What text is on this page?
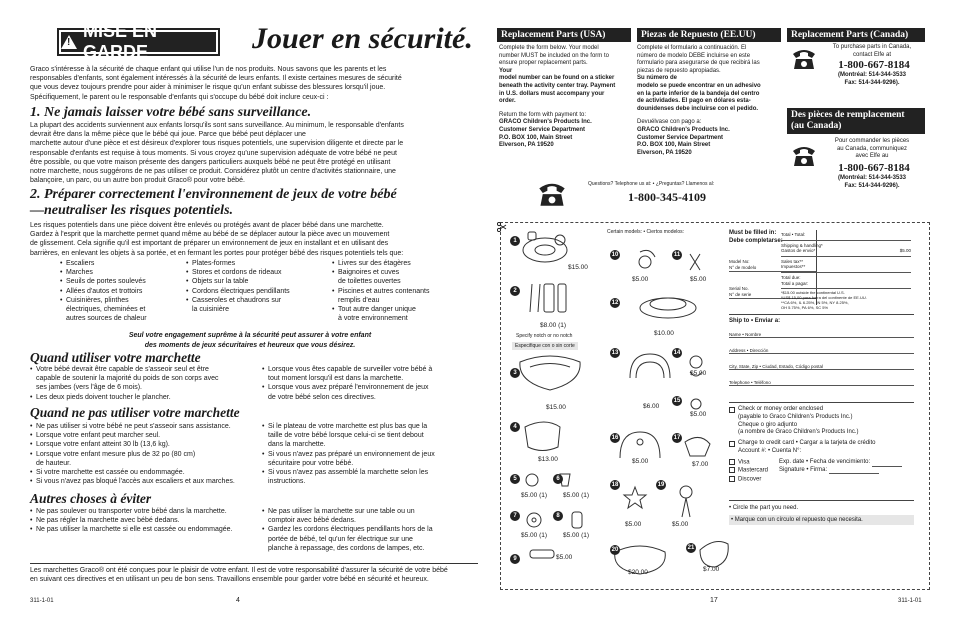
!
MISE EN GARDE	Jouer en sécurité.
Graco s'intéresse à la sécurité de chaque enfant qui utilise l'un de nos produits. Nous savons que les parents et les
responsables d'enfants, sont également intéressés à la sécurité de leurs enfants. Il existe certaines mesures de sécurité
que vous devez toujours prendre pour aider à minimiser le risque qu'un enfant subisse des blessures lorsqu'il joue.
Spécifiquement, le parent ou le responsable d'enfants qui s'occupe du bébé doit inclure ceux-ci :
1. Ne jamais laisser votre bébé sans surveillance.
La plupart des accidents surviennent aux enfants lorsqu'ils sont sans surveillance. Au minimum, le responsable d'enfants
devrait être dans la même pièce que le bébé qui joue. Parce que bébé peut déplacer une
marchette autour d'une pièce et est désireux d'explorer tous risques potentiels, une supervision diligente et directe par le
responsable d'enfants est requise à tous moments. Si vous croyez qu'une supervision adéquate de votre bébé ne peut
être possible, ou que votre maison présente des dangers particuliers auxquels bébé ne peut être protégé en utilisant
notre marchette, nous suggérons de ne pas utiliser ce produit. Considérez plutôt un centre d'activités stationnaire, une
balançoire, un parc, ou un autre bon produit Graco® pour votre bébé.
2. Préparer correctement l'environnement de jeux de votre bébé
—neutraliser les risques potentiels.
Les risques potentiels dans une pièce doivent être enlevés ou protégés avant de placer bébé dans une marchette.
Gardez à l'esprit que la marchette permet quand même au bébé de se déplacer autour la pièce avec un mouvement
de glissement. Cela signifie qu'il est important de préparer un environnement de jeux en installant et en utilisant des
barrières, en enlevant les objets à sa portée, et en fermant les portes pour protéger bébé des risques potentiels tels que:
• Escaliers
• Marches
• Seuils de portes soulevés
• Allées d'autos et trottoirs
• Cuisinières, plinthes
électriques, cheminées et
autres sources de chaleur
• Plates-formes
• Stores et cordons de rideaux
• Objets sur la table
• Cordons électriques pendillants
• Casseroles et chaudrons sur
la cuisinière
• Livres sur des étagères
• Baignoires et cuves
de toilettes ouvertes
• Piscines et autres contenants
remplis d'eau
• Tout autre danger unique
à votre environnement
Seul votre engagement suprême à la sécurité peut assurer à votre enfant
des moments de jeux sécuritaires et heureux que vous désirez.
Quand utiliser votre marchette
• Votre bébé devrait être capable de s'asseoir seul et être
capable de soutenir la majorité du poids de son corps avec
ses jambes (vers l'âge de 6 mois).
• Les deux pieds doivent toucher le plancher.
• Lorsque vous êtes capable de surveiller votre bébé à
tout moment lorsqu'il est dans la marchette.
• Lorsque vous avez préparé l'environnement de jeux
de votre bébé selon ces directives.
Quand ne pas utiliser votre marchette
• Ne pas utiliser si votre bébé ne peut s'asseoir sans assistance.
• Lorsque votre enfant peut marcher seul.
• Lorsque votre enfant atteint 30 lb (13,6 kg).
• Lorsque votre enfant mesure plus de 32 po (80 cm)
de hauteur.
• Si votre marchette est cassée ou endommagée.
• Si vous n'avez pas bloqué l'accès aux escaliers et aux marches.
• Si le plateau de votre marchette est plus bas que la
taille de votre bébé lorsque celui-ci se tient debout
dans la marchette.
• Si vous n'avez pas préparé un environnement de jeux
sécuritaire pour votre bébé.
• Si vous n'avez pas assemblé la marchette selon les
instructions.
Autres choses à éviter
• Ne pas soulever ou transporter votre bébé dans la marchette.
• Ne pas régler la marchette avec bébé dedans.
• Ne pas utiliser la marchette si elle est cassée ou endommagée.
• Ne pas utiliser la marchette sur une table ou un
comptoir avec bébé dedans.
• Gardez les cordons électriques pendillants hors de la
portée de bébé, tel qu'un fer électrique sur une
planche à repassage, des cordons de lampes, etc.
Les marchettes Graco® ont été conçues pour le plaisir de votre enfant. Il est de votre responsabilité d'assurer la sécurité de votre bébé
en suivant ces directives et en utilisant un peu de bon sens. Travaillons ensemble pour garder votre bébé en sécurité et heureux.
311-1-01	4
Replacement Parts (USA)
Complete the form below. Your model
number MUST be included on the form to
ensure proper replacement parts.
Your
model number can be found on a sticker
beneath the activity center tray. Payment
in U.S. dollars must accompany your
order.
Return the form with payment to:
GRACO Children's Products Inc.
Customer Service Department
P.O. BOX 100, Main Street
Elverson, PA 19520
Piezas de Repuesto (EE.UU)
Complete el formulario a continuación. El
número de modelo DEBE incluirse en este
formulario para asegurarse de que recibirá las
piezas de repuesto apropiadas.
Su número de
modelo se puede encontrar en un adhesivo
en la parte inferior de la bandeja del centro
de actividades. El pago en dólares esta-
dounidenses debe incluirse con el pedido.
Devuélvase con pago a:
GRACO Children's Products Inc.
Customer Service Department
P.O. BOX 100, Main Street
Elverson, PA 19520
Replacement Parts (Canada)
To purchase parts in Canada,
contact Elfe at
1-800-667-8184
(Montréal: 514-344-3533
Fax: 514-344-9296).
Des pièces de remplacement
(au Canada)
Pour commander les pièces
au Canada, communiquez
avec Elfe au
1-800-667-8184
(Montréal: 514-344-3533
Fax: 514-344-9296).
Questions? Telephone us at: • ¿Preguntas? Llamenos al:
1-800-345-4109
Certain models: • Ciertos modelos:
1
$15.00
2
$8.00 (1)
3
$15.00
4
$13.00
5
$5.00 (1)
6
$5.00 (1)
7
$5.00 (1)
8
$5.00 (1)
9	$5.00
10
$5.00
11
$5.00
12
$10.00
13
$6.00
14
$5.00
15
$5.00
16
$5.00
17
$7.00
18
$5.00
19
$5.00
20
$20.00
21
$7.00
Specify notch or no notch
Especifique con o sin corte
Must be filled in:
Debe completarse:
Model No:
N° de modelo
Serial No.
N° de serie
Total • Total:
Shipping & handling*
Gastos de envio*	$5.00
Sales tax**
Impuestos**
Total due:
Total a pagar:
*$15.00 outside the continental U.S.
*US$ 15,00 para fuera del continente de EE.UU.
**CA 6%, IL 6.25%, IN 5%, NY 8.25%,
OH 5.75%, PA 6%, SC 5%
Ship to • Enviar a:
Name • Nombre
Address • Dirección
City, State, Zip • Ciudad, Estado, Código postal
Telephone • Teléfono
Check or money order enclosed
(payable to Graco Children's Products Inc.)
Cheque o giro adjunto
(a nombre de Graco Children's Products Inc.)
Charge to credit card • Cargar a la tarjeta de crédito
Account #: • Cuenta N°:
Visa
Mastercard
Discover
Exp. date • Fecha de vencimiento:
Signature • Firma:
• Circle the part you need.
• Marque con un círculo el repuesto que necesita.
17	311-1-01
